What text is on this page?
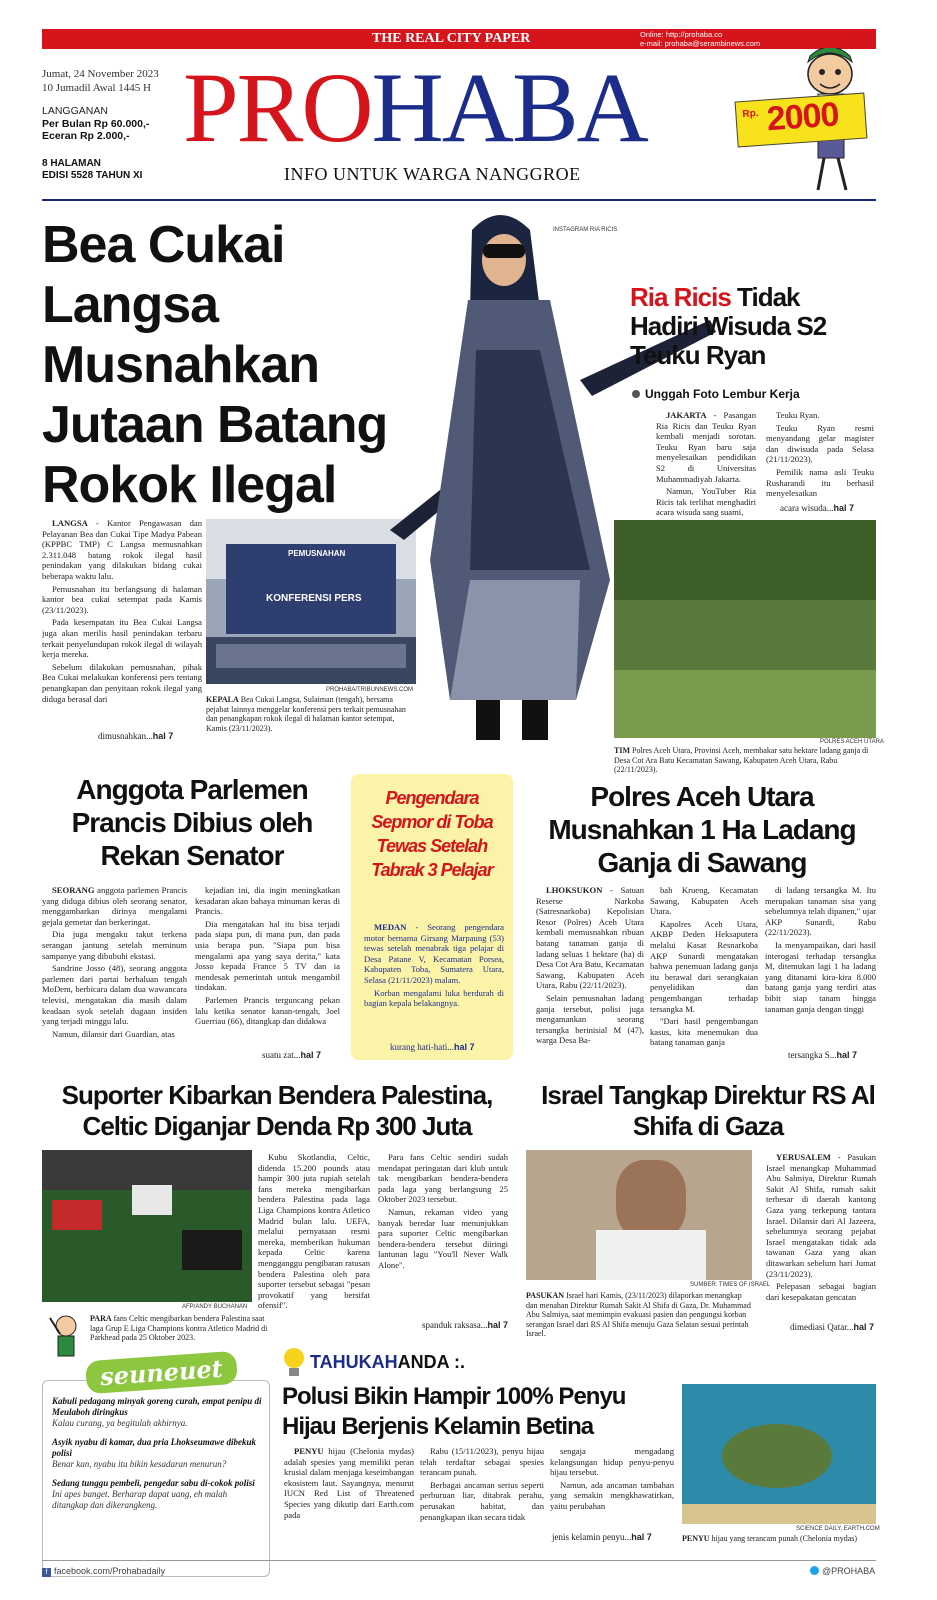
THE REAL CITY PAPER	Online: http://prohaba.co
e-mail: prohaba@serambinews.com
Jumat, 24 November 2023
10 Jumadil Awal 1445 H
LANGGANAN
Per Bulan Rp 60.000,-
Eceran Rp 2.000,-
8 HALAMAN
EDISI 5528 TAHUN XI
PROHABA
INFO UNTUK WARGA NANGGROE
Rp. 2000
Bea Cukai Langsa Musnahkan Jutaan Batang Rokok Ilegal

LANGSA - Kantor Pengawasan dan Pelayanan Bea dan Cukai Tipe Madya Pabean (KPPBC TMP) C Langsa memusnahkan 2.311.048 batang rokok ilegal hasil penindakan yang dilakukan bidang cukai beberapa waktu lalu.

Pemusnahan itu berlangsung di halaman kantor bea cukai setempat pada Kamis (23/11/2023).

Pada kesempatan itu Bea Cukai Langsa juga akan merilis hasil penindakan terbaru terkait penyelundupan rokok ilegal di wilayah kerja mereka.

Sebelum dilakukan pemusnahan, pihak Bea Cukai melakukan konferensi pers tentang penangkapan dan penyitaan rokok ilegal yang diduga berasal dari

dimusnahkan...hal 7
PEMUSNAHAN
KONFERENSI PERS
PROHABA/TRIBUNNEWS.COM
KEPALA Bea Cukai Langsa, Sulaiman (tengah), bersama pejabat lainnya menggelar konferensi pers terkait pemusnahan dan penangkapan rokok ilegal di halaman kantor setempat, Kamis (23/11/2023).
INSTAGRAM RIA RICIS
Ria Ricis Tidak Hadiri Wisuda S2 Teuku Ryan
Unggah Foto Lembur Kerja

JAKARTA - Pasangan Ria Ricis dan Teuku Ryan kembali menjadi sorotan. Teuku Ryan baru saja menyelesaikan pendidikan S2 di Universitas Muhammadiyah Jakarta.

Namun, YouTuber Ria Ricis tak terlihat menghadiri acara wisuda sang suami,

Teuku Ryan.

Teuku Ryan resmi menyandang gelar magister dan diwisuda pada Selasa (21/11/2023).

Pemilik nama asli Teuku Rusharandi itu berhasil menyelesaikan

acara wisuda...hal 7
POLRES ACEH UTARA
TIM Polres Aceh Utara, Provinsi Aceh, membakar satu hektare ladang ganja di Desa Cot Ara Batu Kecamatan Sawang, Kabupaten Aceh Utara, Rabu (22/11/2023).
Anggota Parlemen Prancis Dibius oleh Rekan Senator

SEORANG anggota parlemen Prancis yang diduga dibius oleh seorang senator, menggambarkan dirinya mengalami gejala gemetar dan berkeringat.

Dia juga mengaku takut terkena serangan jantung setelah meminum sampanye yang dibubuhi ekstasi.

Sandrine Josso (48), seorang anggota parlemen dari partai berhaluan tengah MoDem, berbicara dalam dua wawancara televisi, mengatakan dia masih dalam keadaan syok setelah dugaan insiden yang terjadi minggu lalu.

Namun, dilansir dari Guardian, atas

kejadian ini, dia ingin meningkatkan kesadaran akan bahaya minuman keras di Prancis.

Dia mengatakan hal itu bisa terjadi pada siapa pun, di mana pun, dan pada usia berapa pun. "Siapa pun bisa mengalami apa yang saya derita," kata Josso kepada France 5 TV dan ia mendesak pemerintah untuk mengambil tindakan.

Parlemen Prancis terguncang pekan lalu ketika senator kanan-tengah, Joel Guerriau (66), ditangkap dan didakwa

suatu zat...hal 7
Pengendara Sepmor di Toba Tewas Setelah Tabrak 3 Pelajar

MEDAN - Seorang pengendara motor bernama Girsang Marpaung (53) tewas setelah menabrak tiga pelajar di Desa Patane V, Kecamatan Porsea, Kabupaten Toba, Sumatera Utara, Selasa (21/11/2023) malam.

Korban mengalami luka berdurah di bagian kepala belakangnya.

kurang hati-hati...hal 7
Polres Aceh Utara Musnahkan 1 Ha Ladang Ganja di Sawang

LHOKSUKON - Satuan Reserse Narkoba (Satresnarkoba) Kepolisian Resor (Polres) Aceh Utara kembali memusnahkan ribuan batang tanaman ganja di ladang seluas 1 hektare (ha) di Desa Cot Ara Batu, Kecamatan Sawang, Kabupaten Aceh Utara, Rabu (22/11/2023).

Selain pemusnahan ladang ganja tersebut, polisi juga mengamankan seorang tersangka berinisial M (47), warga Desa Ba-

bah Krueng, Kecamatan Sawang, Kabupaten Aceh Utara.

Kapolres Aceh Utara, AKBP Deden Heksaputera melalui Kasat Resnarkoba AKP Sunardi mengatakan bahwa penemuan ladang ganja itu berawal dari serangkaian penyelidikan dan pengembangan terhadap tersangka M.

"Dari hasil pengembangan kasus, kita menemukan dua batang tanaman ganja

di ladang tersangka M. Itu merupakan tanaman sisa yang sebelumnya telah dipanen," ujar AKP Sunardi, Rabu (22/11/2023).

Ia menyampaikan, dari hasil interogasi terhadap tersangka M, ditemukan lagi 1 ha ladang yang ditanami kira-kira 8.000 batang ganja yang terdiri atas bibit siap tanam hingga tanaman ganja dengan tinggi

tersangka S...hal 7
Suporter Kibarkan Bendera Palestina, Celtic Diganjar Denda Rp 300 Juta
AFP/ANDY BUCHANAN
PARA fans Celtic mengibarkan bendera Palestina saat laga Grup E Liga Champions kontra Atletico Madrid di Parkhead pada 25 Oktober 2023.

Kubu Skotlandia, Celtic, didenda 15.200 pounds atau hampir 300 juta rupiah setelah fans mereka mengibarkan bendera Palestina pada laga Liga Champions kontra Atletico Madrid bulan lalu. UEFA, melalui pernyataan resmi mereka, memberikan hukuman kepada Celtic karena mengganggu pengibaran ratusan bendera Palestina oleh para suporter tersebut sebagai "pesan provokatif yang bersifat ofensif".

Para fans Celtic sendiri sudah mendapat peringatan dari klub untuk tak mengibarkan bendera-bendera pada laga yang berlangsung 25 Oktober 2023 tersebut.

Namun, rekaman video yang banyak beredar luar menunjukkan para suporter Celtic mengibarkan bendera-bendera tersebut diiringi lantunan lagu "You'll Never Walk Alone".

spanduk raksasa...hal 7
Israel Tangkap Direktur RS Al Shifa di Gaza
SUMBER: TIMES OF ISRAEL
PASUKAN Israel hari Kamis, (23/11/2023) dilaporkan menangkap dan menahan Direktur Rumah Sakit Al Shifa di Gaza, Dr. Muhammad Abu Salmiya, saat memimpin evakuasi pasien dan pengungsi korban serangan Israel dari RS Al Shifa menuju Gaza Selatan sesuai perintah Israel.

YERUSALEM - Pasukan Israel menangkap Muhammad Abu Salmiya, Direktur Rumah Sakit Al Shifa, rumah sakit terbesar di daerah kantong Gaza yang terkepung tantara Israel. Dilansir dari Al Jazeera, sebelumnya seorang pejabat Israel mengatakan tidak ada tawanan Gaza yang akan ditawarkan sebelum hari Jumat (23/11/2023).

Pelepasan sebagai bagian dari kesepakatan gencatan

dimediasi Qatar...hal 7
seuneuet
Kabuli pedagang minyak goreng curah, empat penipu di Meulaboh diringkus
Kalau curang, ya begitulah akhirnya.
Asyik nyabu di kamar, dua pria Lhokseumawe dibekuk polisi
Benar kan, nyabu itu bikin kesadaran menurun?
Sedang tunggu pembeli, pengedar sabu di-cokok polisi
Ini apes banget. Berharap dapat uang, eh malah ditangkap dan dikerangkeng.
TAHUKAHANDA :.
Polusi Bikin Hampir 100% Penyu Hijau Berjenis Kelamin Betina

PENYU hijau (Chelonia mydas) adalah spesies yang memiliki peran krusial dalam menjaga keseimbangan ekosistem laut. Sayangnya, menurut IUCN Red List of Threatened Species yang dikutip dari Earth.com pada

Rabu (15/11/2023), penyu hijau telah terdaftar sebagai spesies terancam punah.

Berbagai ancaman serius seperti perburuan liar, ditabrak perahu, perusakan habitat, dan penangkapan ikan secara tidak

sengaja mengadang kelangsungan hidup penyu-penyu hijau tersebut.

Namun, ada ancaman tambahan yang semakin mengkhawatirkan, yaitu perubahan

jenis kelamin penyu...hal 7
SCIENCE DAILY, EARTH.COM
PENYU hijau yang terancam punah (Chelonia mydas)
f facebook.com/Prohabadaily	@PROHABA
